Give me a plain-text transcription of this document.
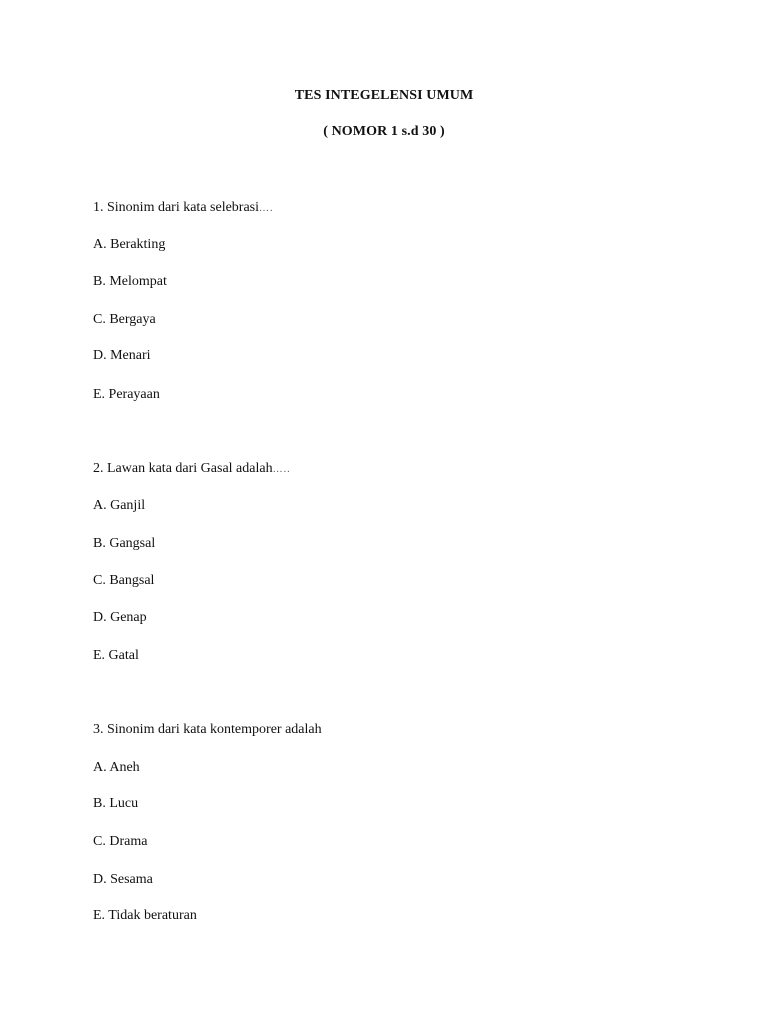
TES INTEGELENSI UMUM
( NOMOR 1 s.d 30 )
1. Sinonim dari kata selebrasi….
A. Berakting
B. Melompat
C. Bergaya
D. Menari
E. Perayaan
2. Lawan kata dari Gasal adalah…..
A. Ganjil
B. Gangsal
C. Bangsal
D. Genap
E. Gatal
3. Sinonim dari kata kontemporer adalah
A. Aneh
B. Lucu
C. Drama
D. Sesama
E. Tidak beraturan
